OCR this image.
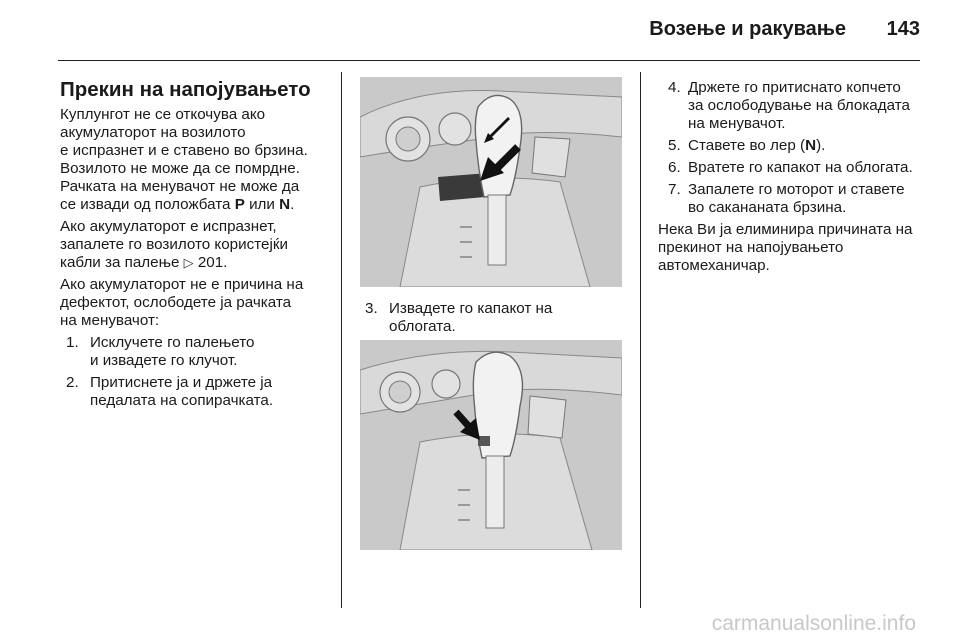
Возење и ракување 143
Прекин на напојувањето
Куплунгот не се откочува ако
акумулаторот на возилото
е испразнет и е ставено во брзина.
Возилото не може да се помрдне.
Рачката на менувачот не може да
се извади од положбата P или N.
Ако акумулаторот е испразнет,
запалете го возилото користејќи
кабли за палење ▷ 201.
Ако акумулаторот не е причина на
дефектот, ослободете ја рачката
на менувачот:
1. Исклучете го палењето
и извадете го клучот.
2. Притиснете ја и држете ја
педалата на сопирачката.
3. Извадете го капакот на
облогата.
4. Држете го притиснато копчето
за ослободување на блокадата
на менувачот.
5. Ставете во лер (N).
6. Вратете го капакот на облогата.
7. Запалете го моторот и ставете
во сакананата брзина.
Нека Ви ја елиминира причината на
прекинот на напојувањето
автомеханичар.
carmanualsonline.info
